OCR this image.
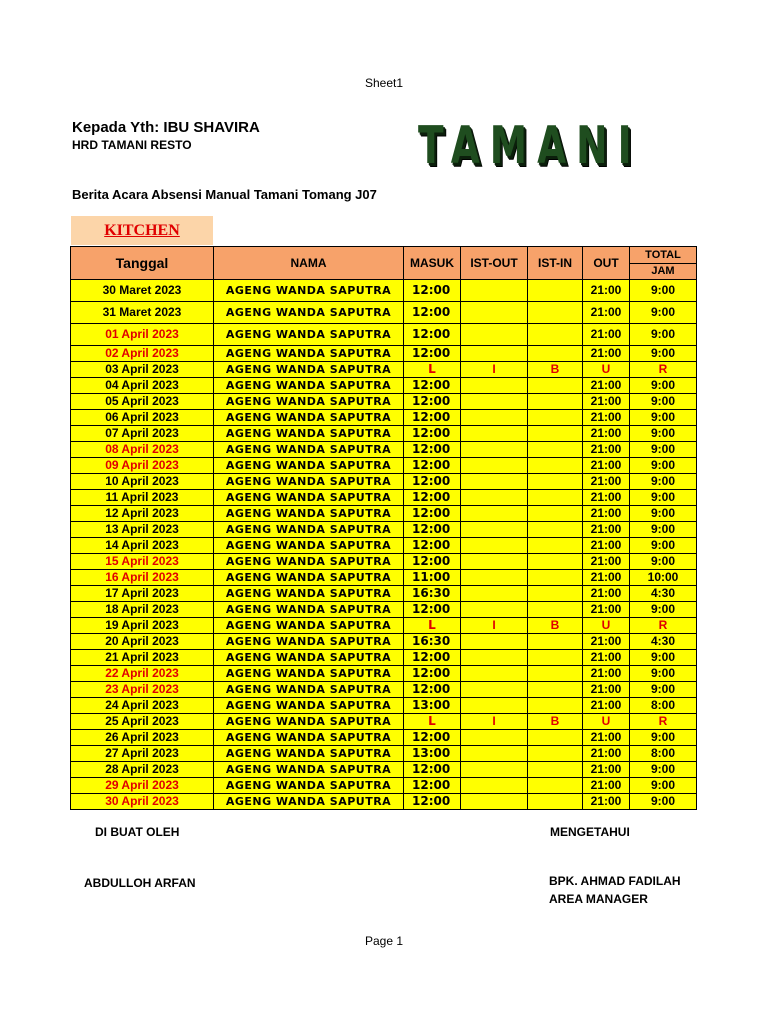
Sheet1
Kepada Yth: IBU SHAVIRA
HRD TAMANI RESTO	TAMANI
Berita Acara Absensi Manual Tamani Tomang J07
KITCHEN
Tanggal	NAMA	MASUK	IST-OUT	IST-IN	OUT	TOTAL
JAM

30 Maret 2023	AGENG WANDA SAPUTRA	12:00			21:00	9:00
31 Maret 2023	AGENG WANDA SAPUTRA	12:00			21:00	9:00
01 April 2023	AGENG WANDA SAPUTRA	12:00			21:00	9:00
02 April 2023	AGENG WANDA SAPUTRA	12:00			21:00	9:00
03 April 2023	AGENG WANDA SAPUTRA	L	I	B	U	R
04 April 2023	AGENG WANDA SAPUTRA	12:00			21:00	9:00
05 April 2023	AGENG WANDA SAPUTRA	12:00			21:00	9:00
06 April 2023	AGENG WANDA SAPUTRA	12:00			21:00	9:00
07 April 2023	AGENG WANDA SAPUTRA	12:00			21:00	9:00
08 April 2023	AGENG WANDA SAPUTRA	12:00			21:00	9:00
09 April 2023	AGENG WANDA SAPUTRA	12:00			21:00	9:00
10 April 2023	AGENG WANDA SAPUTRA	12:00			21:00	9:00
11 April 2023	AGENG WANDA SAPUTRA	12:00			21:00	9:00
12 April 2023	AGENG WANDA SAPUTRA	12:00			21:00	9:00
13 April 2023	AGENG WANDA SAPUTRA	12:00			21:00	9:00
14 April 2023	AGENG WANDA SAPUTRA	12:00			21:00	9:00
15 April 2023	AGENG WANDA SAPUTRA	12:00			21:00	9:00
16 April 2023	AGENG WANDA SAPUTRA	11:00			21:00	10:00
17 April 2023	AGENG WANDA SAPUTRA	16:30			21:00	4:30
18 April 2023	AGENG WANDA SAPUTRA	12:00			21:00	9:00
19 April 2023	AGENG WANDA SAPUTRA	L	I	B	U	R
20 April 2023	AGENG WANDA SAPUTRA	16:30			21:00	4:30
21 April 2023	AGENG WANDA SAPUTRA	12:00			21:00	9:00
22 April 2023	AGENG WANDA SAPUTRA	12:00			21:00	9:00
23 April 2023	AGENG WANDA SAPUTRA	12:00			21:00	9:00
24 April 2023	AGENG WANDA SAPUTRA	13:00			21:00	8:00
25 April 2023	AGENG WANDA SAPUTRA	L	I	B	U	R
26 April 2023	AGENG WANDA SAPUTRA	12:00			21:00	9:00
27 April 2023	AGENG WANDA SAPUTRA	13:00			21:00	8:00
28 April 2023	AGENG WANDA SAPUTRA	12:00			21:00	9:00
29 April 2023	AGENG WANDA SAPUTRA	12:00			21:00	9:00
30 April 2023	AGENG WANDA SAPUTRA	12:00			21:00	9:00
DI BUAT OLEH	MENGETAHUI
ABDULLOH ARFAN	BPK. AHMAD FADILAH
AREA MANAGER
Page 1
